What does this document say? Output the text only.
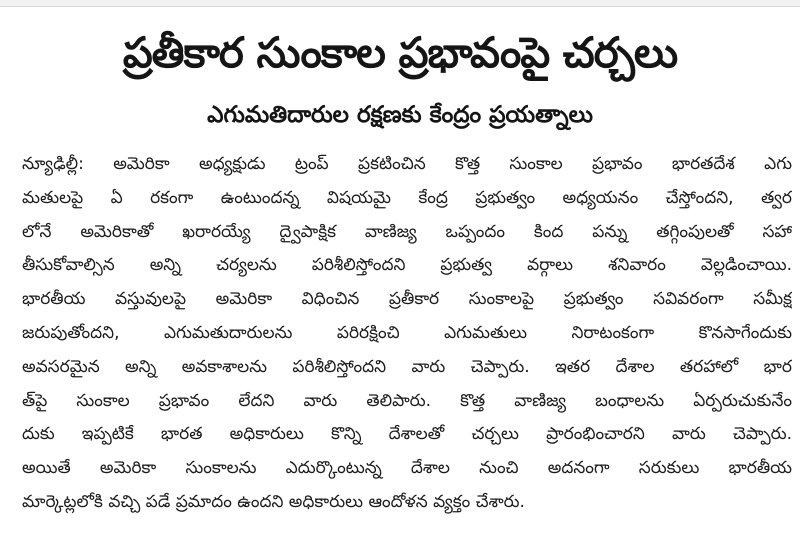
ప్రతీకార సుంకాల ప్రభావంపై చర్చలు
ఎగుమతిదారుల రక్షణకు కేంద్రం ప్రయత్నాలు
న్యూఢిల్లీ: అమెరికా అధ్యక్షుడు ట్రంప్ ప్రకటించిన కొత్త సుంకాల ప్రభావం భారతదేశ ఎగు
మతులపై ఏ రకంగా ఉంటుందన్న విషయమై కేంద్ర ప్రభుత్వం అధ్యయనం చేస్తోందని, త్వర
లోనే అమెరికాతో ఖరారయ్యే ద్వైపాక్షిక వాణిజ్య ఒప్పందం కింద పన్ను తగ్గింపులతో సహా
తీసుకోవాల్సిన అన్ని చర్యలను పరిశీలిస్తోందని ప్రభుత్వ వర్గాలు శనివారం వెల్లడించాయి.
భారతీయ వస్తువులపై అమెరికా విధించిన ప్రతీకార సుంకాలపై ప్రభుత్వం సవివరంగా సమీక్ష
జరుపుతోందని, ఎగుమతుదారులను పరిరక్షించి ఎగుమతులు నిరాటంకంగా కొనసాగేందుకు
అవసరమైన అన్ని అవకాశాలను పరిశీలిస్తోందని వారు చెప్పారు. ఇతర దేశాల తరహాలో భార
త్‌పై సుంకాల ప్రభావం లేదని వారు తెలిపారు. కొత్త వాణిజ్య బంధాలను ఏర్పరుచుకునేం
దుకు ఇప్పటికే భారత అధికారులు కొన్ని దేశాలతో చర్చలు ప్రారంభించారని వారు చెప్పారు.
అయితే అమెరికా సుంకాలను ఎదుర్కొంటున్న దేశాల నుంచి అదనంగా సరుకులు భారతీయ
మార్కెట్లలోకి వచ్చి పడే ప్రమాదం ఉందని అధికారులు ఆందోళన వ్యక్తం చేశారు.
